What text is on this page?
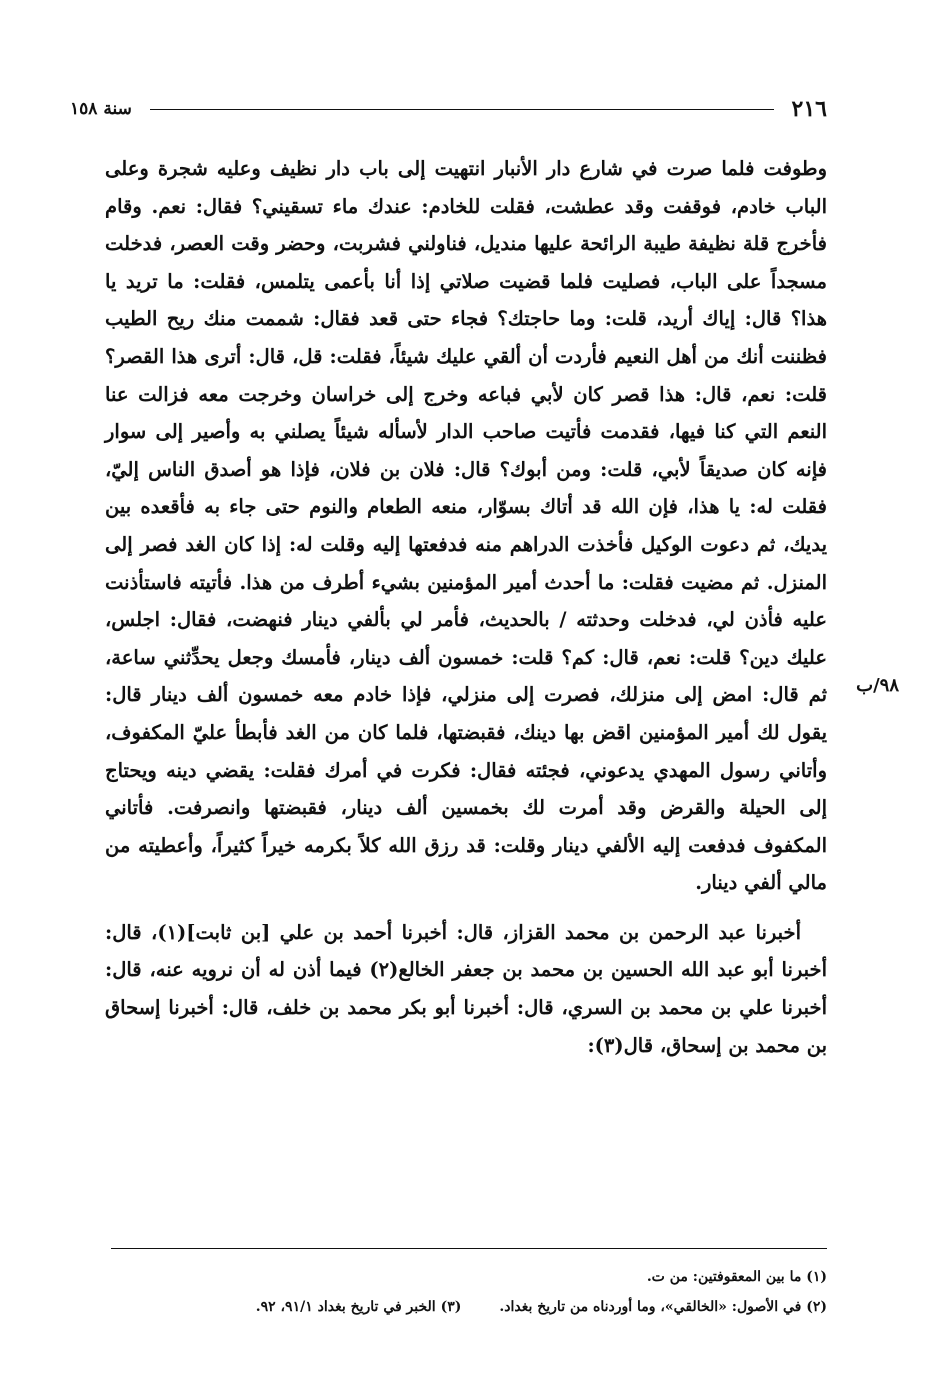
٢١٦
سنة ١٥٨
٩٨/ب

وطوفت فلما صرت في شارع دار الأنبار انتهيت إلى باب دار نظيف وعليه شجرة وعلى الباب خادم، فوقفت وقد عطشت، فقلت للخادم: عندك ماء تسقيني؟ فقال: نعم. وقام فأخرج قلة نظيفة طيبة الرائحة عليها منديل، فناولني فشربت، وحضر وقت العصر، فدخلت مسجداً على الباب، فصليت فلما قضيت صلاتي إذا أنا بأعمى يتلمس، فقلت: ما تريد يا هذا؟ قال: إياك أريد، قلت: وما حاجتك؟ فجاء حتى قعد فقال: شممت منك ريح الطيب فظننت أنك من أهل النعيم فأردت أن ألقي عليك شيئاً، فقلت: قل، قال: أترى هذا القصر؟ قلت: نعم، قال: هذا قصر كان لأبي فباعه وخرج إلى خراسان وخرجت معه فزالت عنا النعم التي كنا فيها، فقدمت فأتيت صاحب الدار لأسأله شيئاً يصلني به وأصير إلى سوار فإنه كان صديقاً لأبي، قلت: ومن أبوك؟ قال: فلان بن فلان، فإذا هو أصدق الناس إليّ، فقلت له: يا هذا، فإن الله قد أتاك بسوّار، منعه الطعام والنوم حتى جاء به فأقعده بين يديك، ثم دعوت الوكيل فأخذت الدراهم منه فدفعتها إليه وقلت له: إذا كان الغد فصر إلى المنزل. ثم مضيت فقلت: ما أحدث أمير المؤمنين بشيء أطرف من هذا. فأتيته فاستأذنت عليه فأذن لي، فدخلت وحدثته / بالحديث، فأمر لي بألفي دينار فنهضت، فقال: اجلس، عليك دين؟ قلت: نعم، قال: كم؟ قلت: خمسون ألف دينار، فأمسك وجعل يحدِّثني ساعة، ثم قال: امض إلى منزلك، فصرت إلى منزلي، فإذا خادم معه خمسون ألف دينار قال: يقول لك أمير المؤمنين اقض بها دينك، فقبضتها، فلما كان من الغد فأبطأ عليّ المكفوف، وأتاني رسول المهدي يدعوني، فجئته فقال: فكرت في أمرك فقلت: يقضي دينه ويحتاج إلى الحيلة والقرض وقد أمرت لك بخمسين ألف دينار، فقبضتها وانصرفت. فأتاني المكفوف فدفعت إليه الألفي دينار وقلت: قد رزق الله كلاً بكرمه خيراً كثيراً، وأعطيته من مالي ألفي دينار.

أخبرنا عبد الرحمن بن محمد القزاز، قال: أخبرنا أحمد بن علي [بن ثابت](١)، قال: أخبرنا أبو عبد الله الحسين بن محمد بن جعفر الخالع(٢) فيما أذن له أن نرويه عنه، قال: أخبرنا علي بن محمد بن السري، قال: أخبرنا أبو بكر محمد بن خلف، قال: أخبرنا إسحاق بن محمد بن إسحاق، قال(٣):

(١) ما بين المعقوفتين: من ت.

(٢) في الأصول: «الخالقي»، وما أوردناه من تاريخ بغداد.(٣) الخبر في تاريخ بغداد ٩١/١، ٩٢.
